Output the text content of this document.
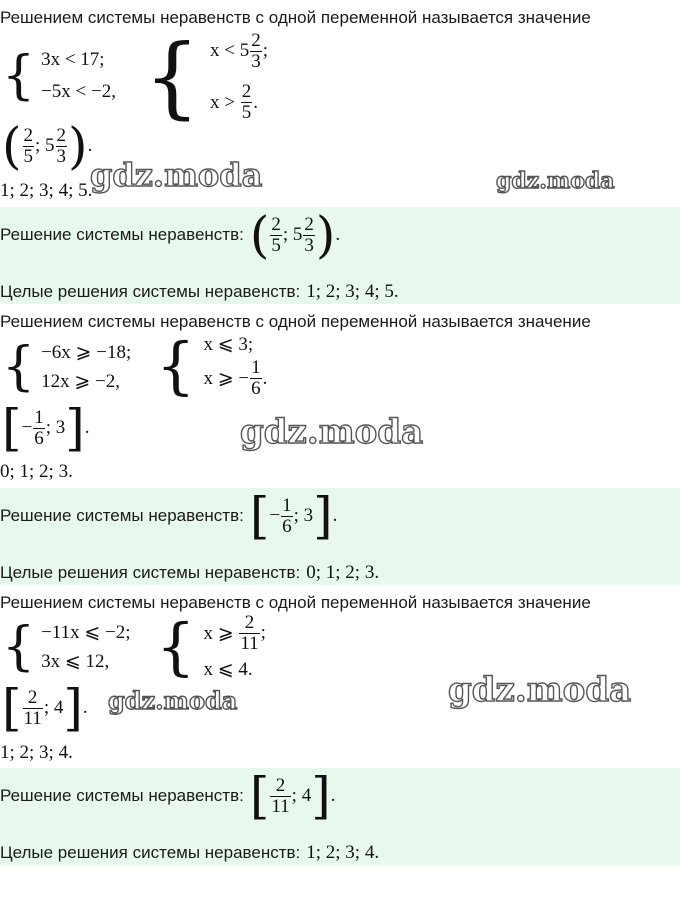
Решением системы неравенств с одной переменной называется значение
{ 3x < 17;
−5x < −2, { $x < 5 \frac{2}{3}$ ;
x >
$\frac{2}{5}$ .
( $\frac{2}{5}$ ; $5 \frac{2}{3}$ ) .
1; 2; 3; 4; 5.
gdz.moda	gdz.moda
Решение системы неравенств: ( $\frac{2}{5}$ ; $5 \frac{2}{3}$ ) .
Целые решения системы неравенств: 1; 2; 3; 4; 5.
Решением системы неравенств с одной переменной называется значение
{ −6x ⩾ −18;
12x ⩾ −2, { x ⩽ 3;
x ⩾ − $\frac{1}{6}$ .
[ − $\frac{1}{6}$ ; 3 ] .	gdz.moda
0; 1; 2; 3.
Решение системы неравенств: [ − $\frac{1}{6}$ ; 3 ] .
Целые решения системы неравенств: 0; 1; 2; 3.
Решением системы неравенств с одной переменной называется значение
{ −11x ⩽ −2;
3x ⩽ 12, { x ⩾
$\frac{2}{11}$ ;
x ⩽ 4.
[ $\frac{2}{11}$ ; 4 ] . gdz.moda	gdz.moda
1; 2; 3; 4.
Решение системы неравенств: [ $\frac{2}{11}$ ; 4 ] .
Целые решения системы неравенств: 1; 2; 3; 4.
